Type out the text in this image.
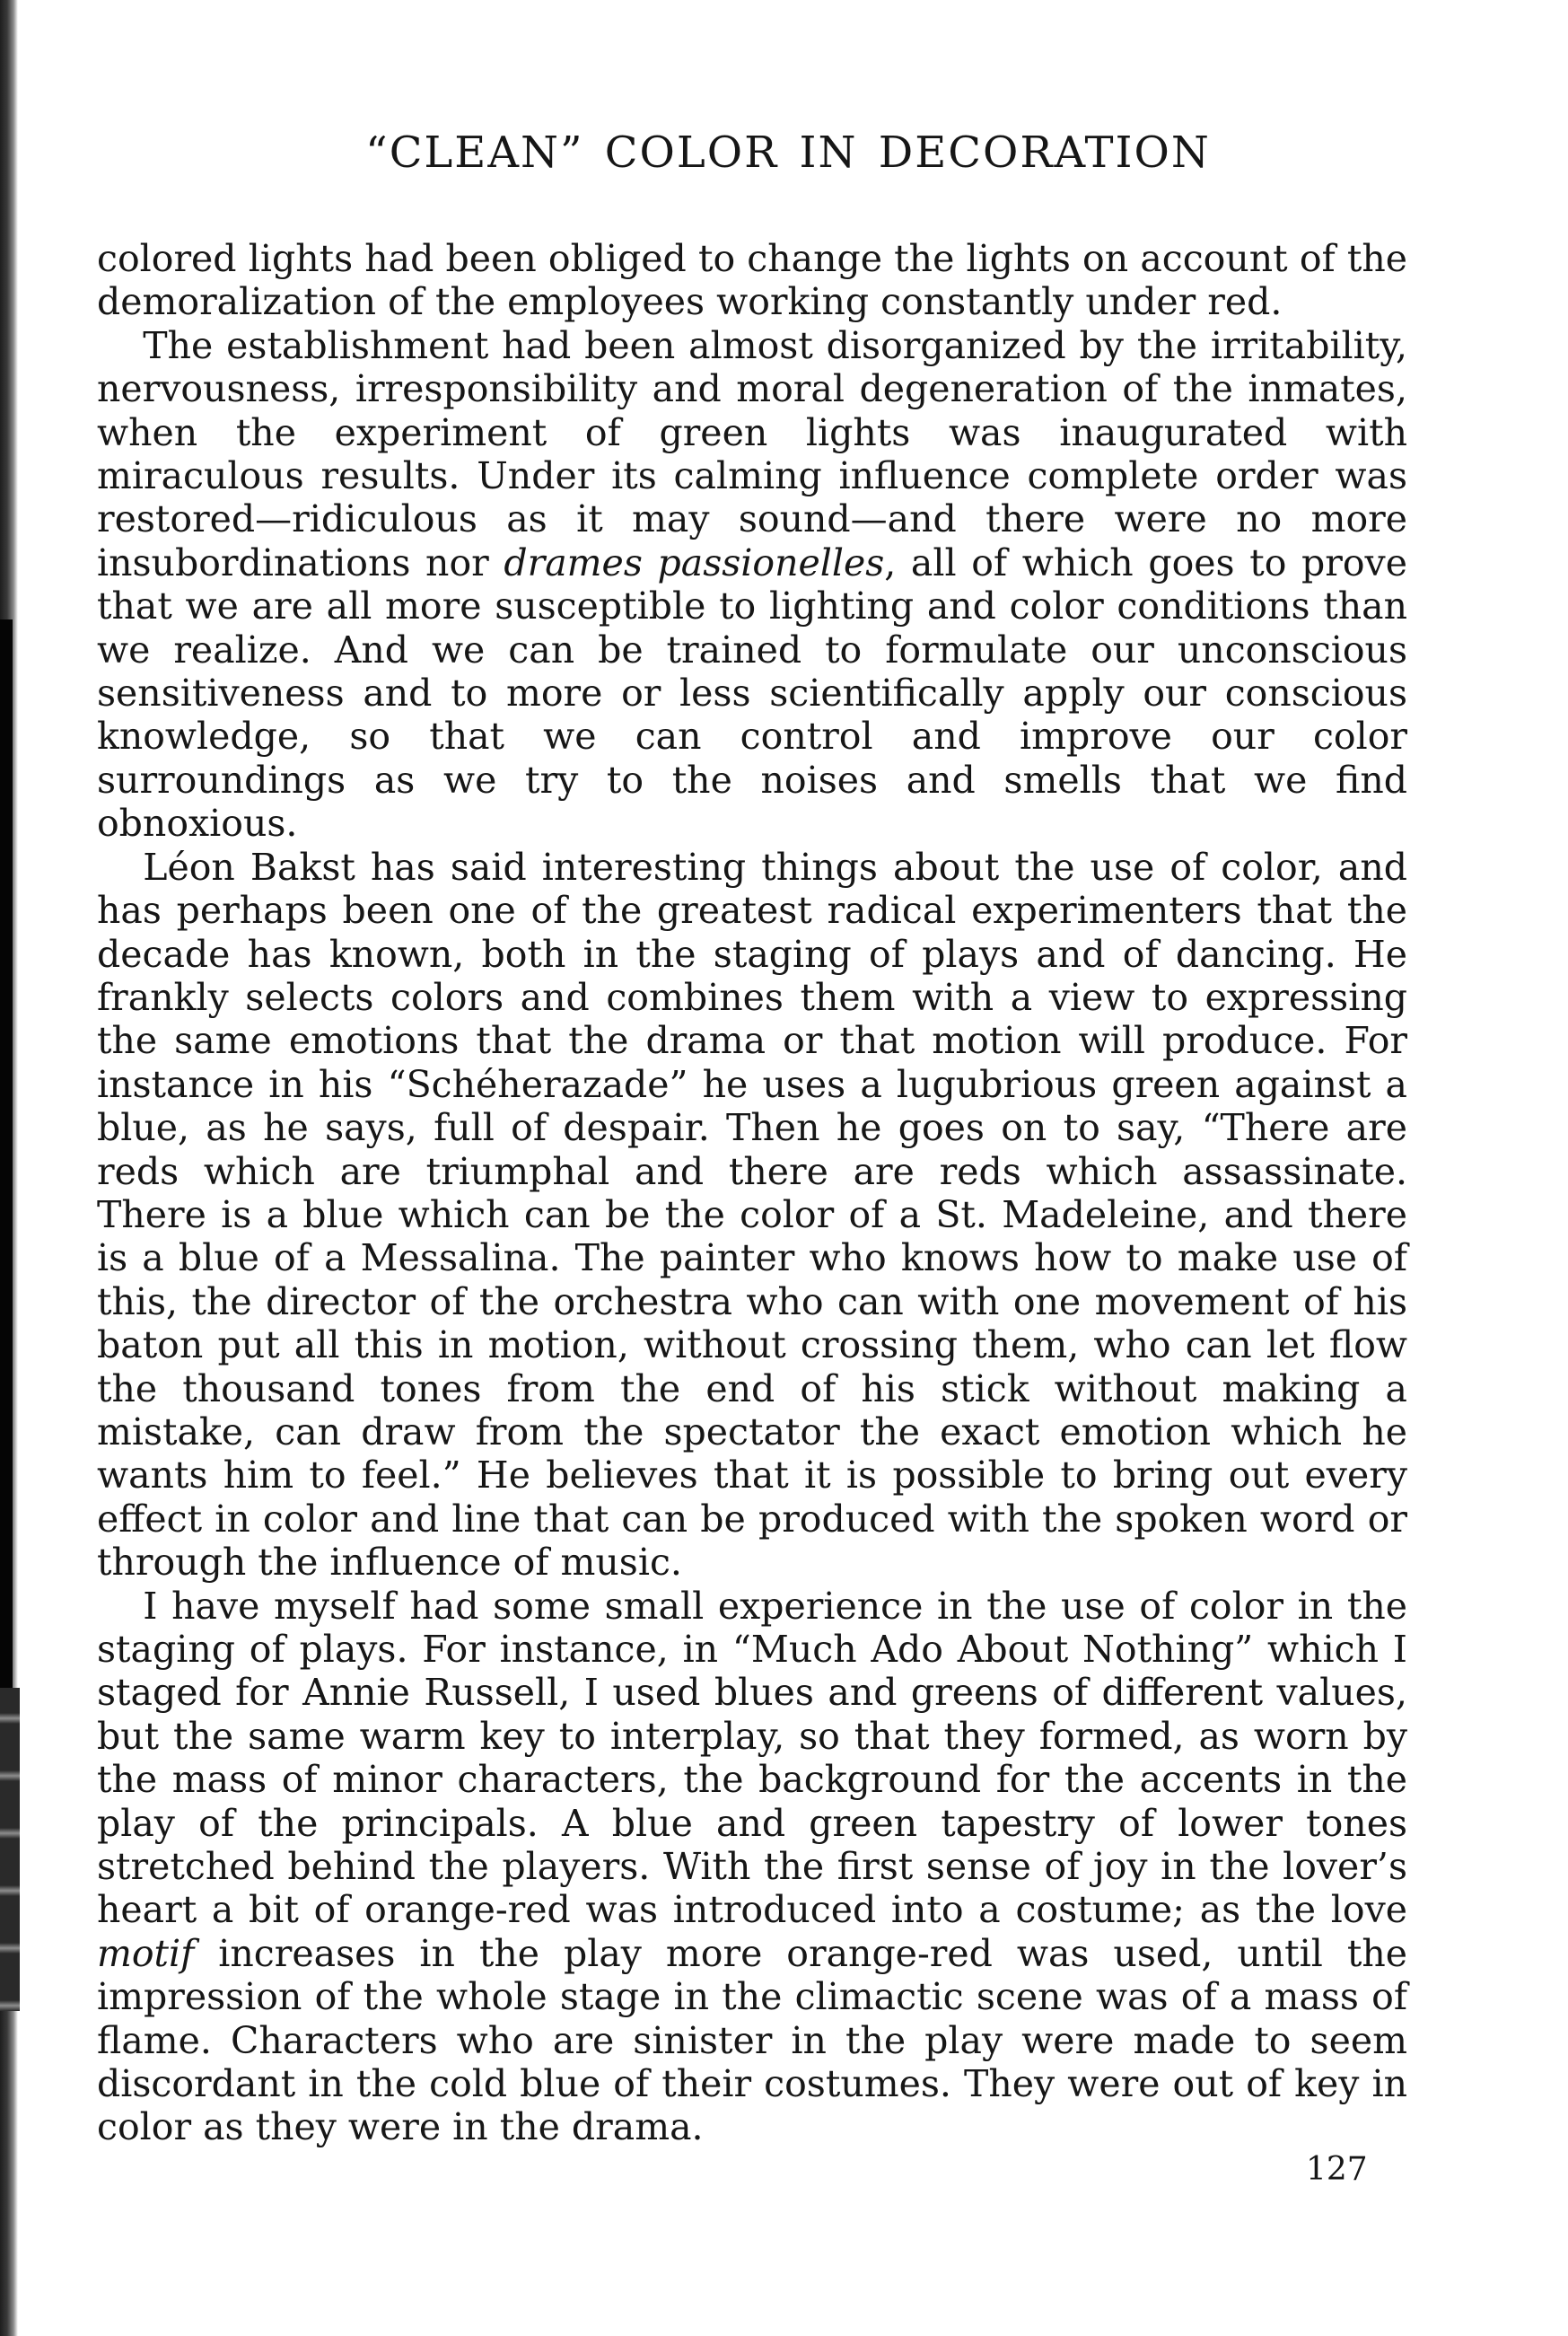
“CLEAN” COLOR IN DECORATION

colored lights had been obliged to change the lights on account of the demoralization of the employees working constantly under red.

The establishment had been almost disorganized by the irritability, nervousness, irresponsibility and moral degeneration of the inmates, when the experiment of green lights was inaugurated with miraculous results. Under its calming influence complete order was restored—ridiculous as it may sound—and there were no more insubordinations nor drames passionelles, all of which goes to prove that we are all more susceptible to lighting and color conditions than we realize. And we can be trained to formulate our unconscious sensitiveness and to more or less scientifically apply our conscious knowledge, so that we can control and improve our color surroundings as we try to the noises and smells that we find obnoxious.

Léon Bakst has said interesting things about the use of color, and has perhaps been one of the greatest radical experimenters that the decade has known, both in the staging of plays and of dancing. He frankly selects colors and combines them with a view to expressing the same emotions that the drama or that motion will produce. For instance in his “Schéherazade” he uses a lugubrious green against a blue, as he says, full of despair. Then he goes on to say, “There are reds which are triumphal and there are reds which assassinate. There is a blue which can be the color of a St. Madeleine, and there is a blue of a Messalina. The painter who knows how to make use of this, the director of the orchestra who can with one movement of his baton put all this in motion, without crossing them, who can let flow the thousand tones from the end of his stick without making a mistake, can draw from the spectator the exact emotion which he wants him to feel.” He believes that it is possible to bring out every effect in color and line that can be produced with the spoken word or through the influence of music.

I have myself had some small experience in the use of color in the staging of plays. For instance, in “Much Ado About Nothing” which I staged for Annie Russell, I used blues and greens of different values, but the same warm key to interplay, so that they formed, as worn by the mass of minor characters, the background for the accents in the play of the principals. A blue and green tapestry of lower tones stretched behind the players. With the first sense of joy in the lover’s heart a bit of orange-red was introduced into a costume; as the love motif increases in the play more orange-red was used, until the impression of the whole stage in the climactic scene was of a mass of flame. Characters who are sinister in the play were made to seem discordant in the cold blue of their costumes. They were out of key in color as they were in the drama.

127
